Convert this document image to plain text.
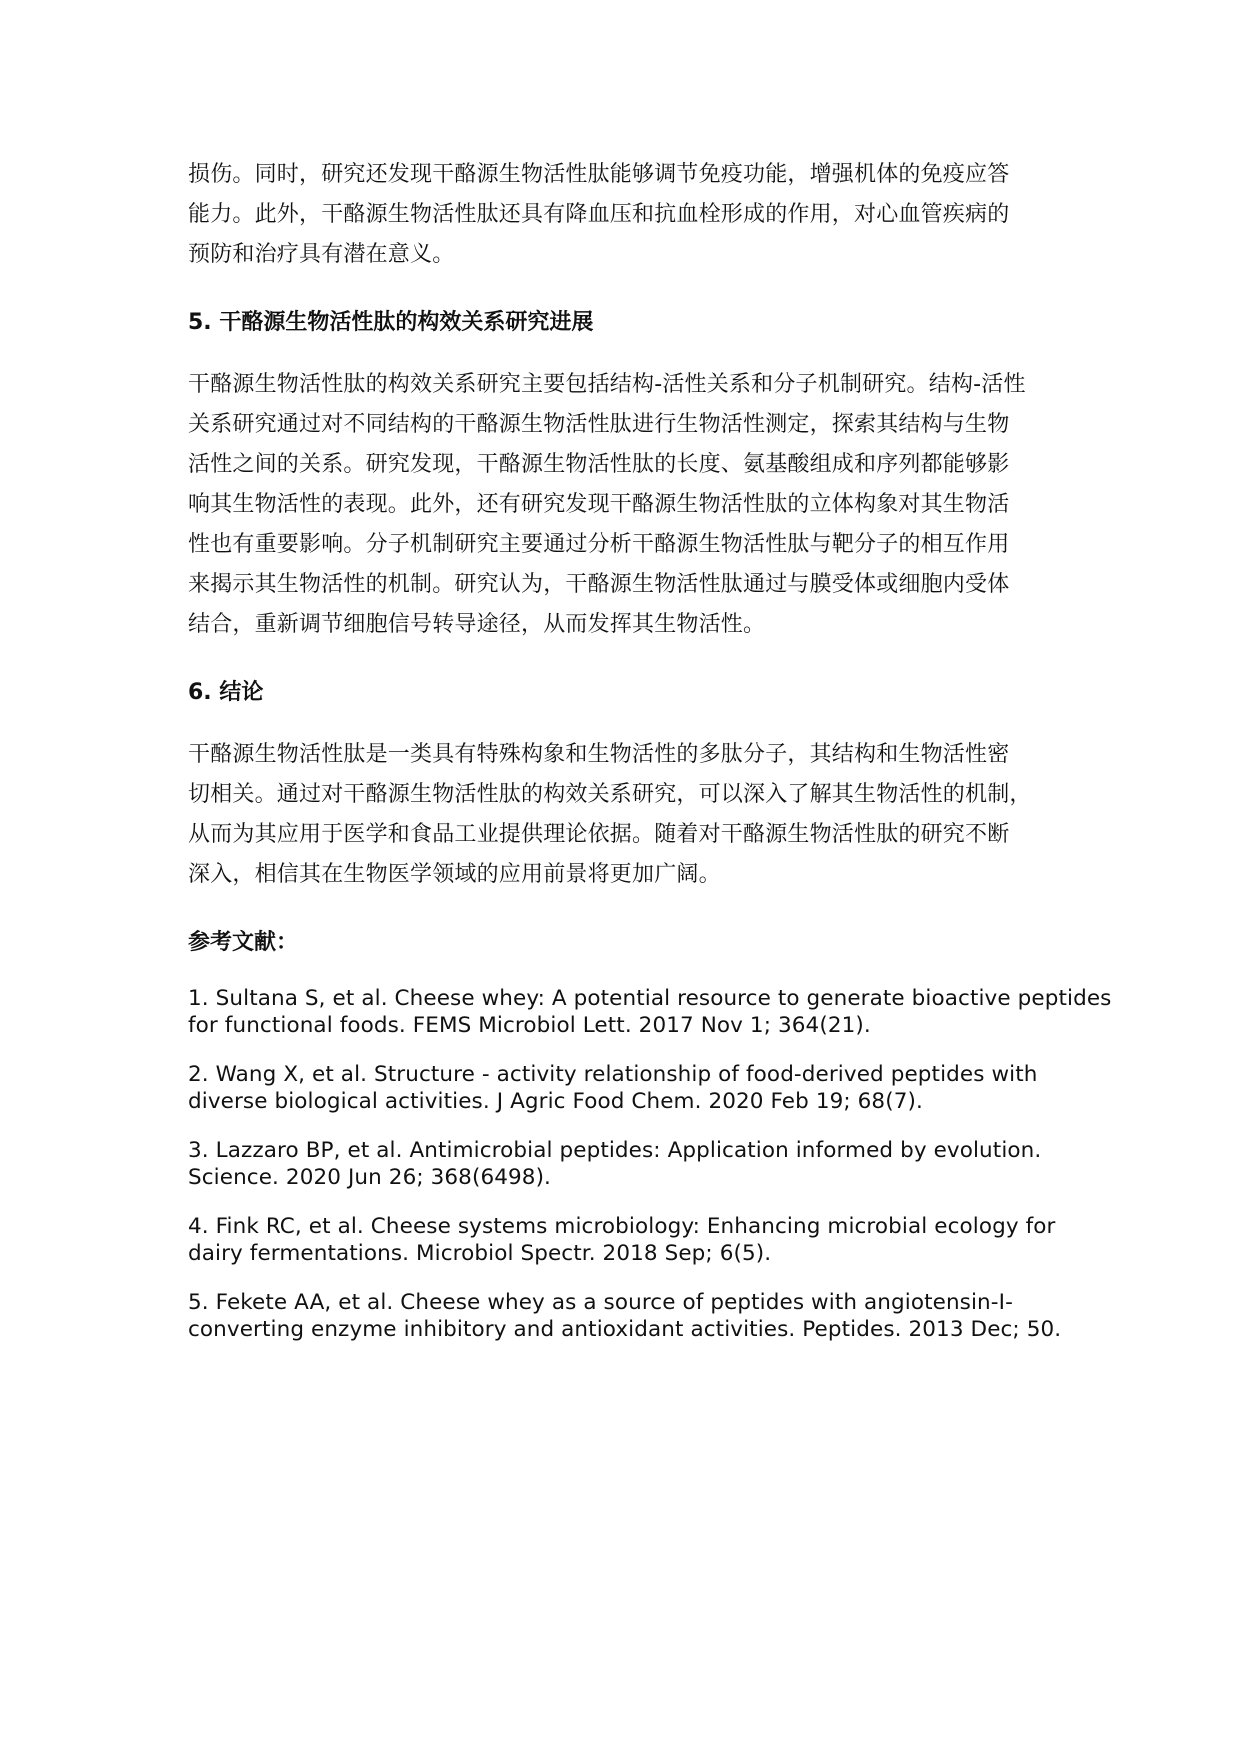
损伤。同时，研究还发现干酪源生物活性肽能够调节免疫功能，增强机体的免疫应答
能力。此外，干酪源生物活性肽还具有降血压和抗血栓形成的作用，对心血管疾病的
预防和治疗具有潜在意义。

5. 干酪源生物活性肽的构效关系研究进展

干酪源生物活性肽的构效关系研究主要包括结构-活性关系和分子机制研究。结构-活性
关系研究通过对不同结构的干酪源生物活性肽进行生物活性测定，探索其结构与生物
活性之间的关系。研究发现，干酪源生物活性肽的长度、氨基酸组成和序列都能够影
响其生物活性的表现。此外，还有研究发现干酪源生物活性肽的立体构象对其生物活
性也有重要影响。分子机制研究主要通过分析干酪源生物活性肽与靶分子的相互作用
来揭示其生物活性的机制。研究认为，干酪源生物活性肽通过与膜受体或细胞内受体
结合，重新调节细胞信号转导途径，从而发挥其生物活性。

6. 结论

干酪源生物活性肽是一类具有特殊构象和生物活性的多肽分子，其结构和生物活性密
切相关。通过对干酪源生物活性肽的构效关系研究，可以深入了解其生物活性的机制，
从而为其应用于医学和食品工业提供理论依据。随着对干酪源生物活性肽的研究不断
深入，相信其在生物医学领域的应用前景将更加广阔。

参考文献：

1. Sultana S, et al. Cheese whey: A potential resource to generate bioactive peptides
for functional foods. FEMS Microbiol Lett. 2017 Nov 1; 364(21).

2. Wang X, et al. Structure - activity relationship of food-derived peptides with
diverse biological activities. J Agric Food Chem. 2020 Feb 19; 68(7).

3. Lazzaro BP, et al. Antimicrobial peptides: Application informed by evolution.
Science. 2020 Jun 26; 368(6498).

4. Fink RC, et al. Cheese systems microbiology: Enhancing microbial ecology for
dairy fermentations. Microbiol Spectr. 2018 Sep; 6(5).

5. Fekete AA, et al. Cheese whey as a source of peptides with angiotensin-I-
converting enzyme inhibitory and antioxidant activities. Peptides. 2013 Dec; 50.
